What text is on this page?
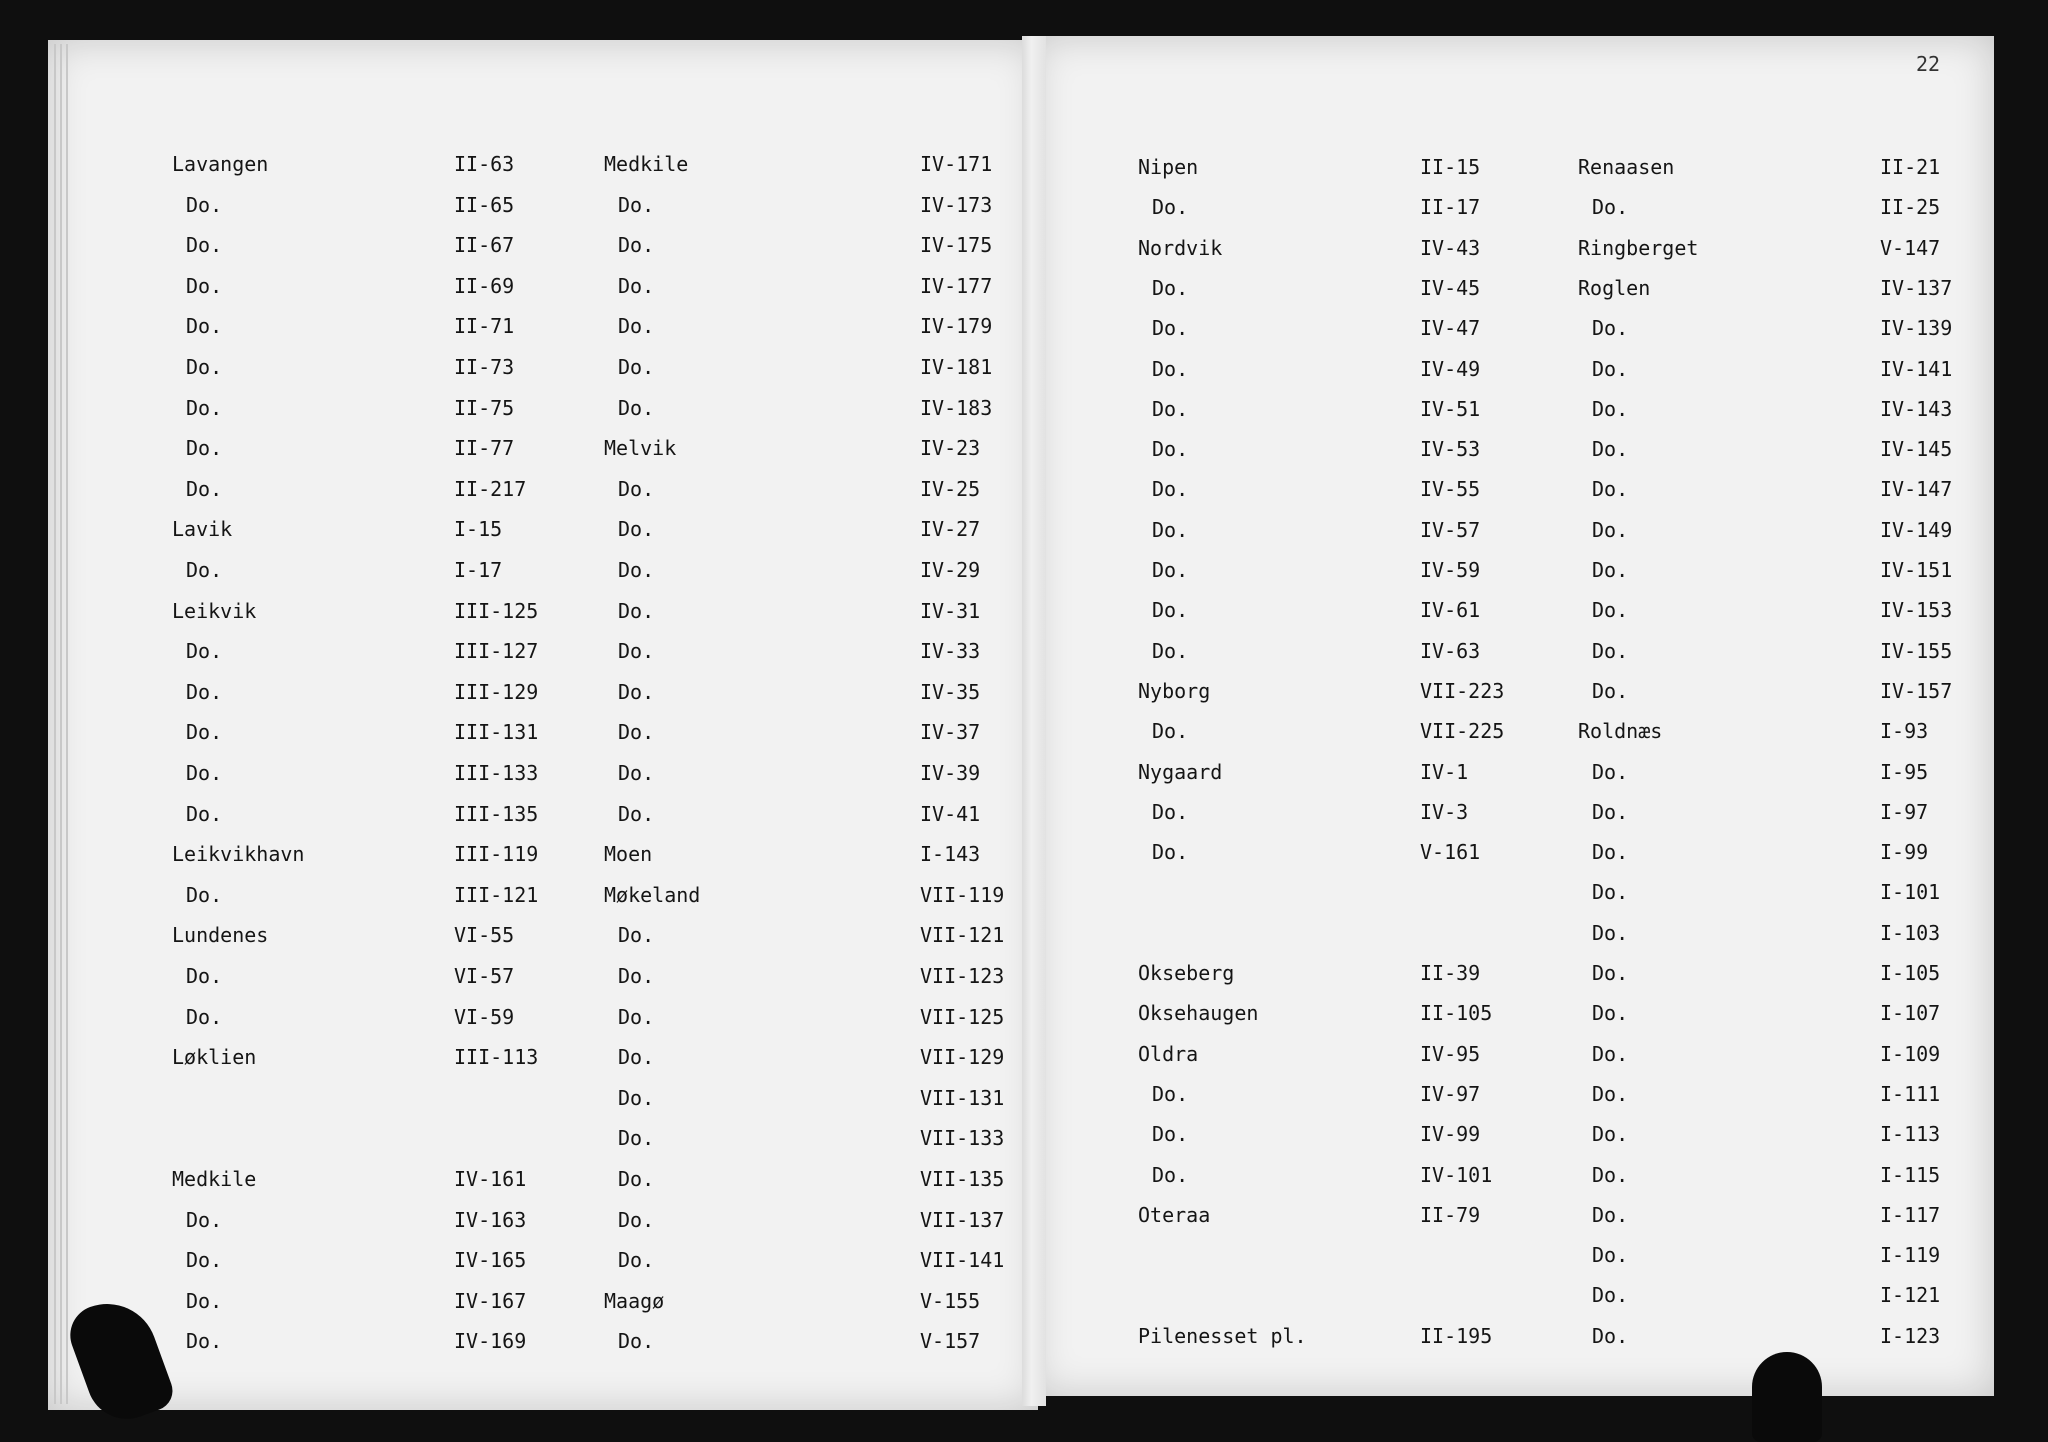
22
Lavangen	II-63
Do.	II-65
Do.	II-67
Do.	II-69
Do.	II-71
Do.	II-73
Do.	II-75
Do.	II-77
Do.	II-217
Lavik	I-15
Do.	I-17
Leikvik	III-125
Do.	III-127
Do.	III-129
Do.	III-131
Do.	III-133
Do.	III-135
Leikvikhavn	III-119
Do.	III-121
Lundenes	VI-55
Do.	VI-57
Do.	VI-59
Løklien	III-113
Medkile	IV-161
Do.	IV-163
Do.	IV-165
Do.	IV-167
Do.	IV-169
Medkile	IV-171
Do.	IV-173
Do.	IV-175
Do.	IV-177
Do.	IV-179
Do.	IV-181
Do.	IV-183
Melvik	IV-23
Do.	IV-25
Do.	IV-27
Do.	IV-29
Do.	IV-31
Do.	IV-33
Do.	IV-35
Do.	IV-37
Do.	IV-39
Do.	IV-41
Moen	I-143
Møkeland	VII-119
Do.	VII-121
Do.	VII-123
Do.	VII-125
Do.	VII-129
Do.	VII-131
Do.	VII-133
Do.	VII-135
Do.	VII-137
Do.	VII-141
Maagø	V-155
Do.	V-157
Nipen	II-15
Do.	II-17
Nordvik	IV-43
Do.	IV-45
Do.	IV-47
Do.	IV-49
Do.	IV-51
Do.	IV-53
Do.	IV-55
Do.	IV-57
Do.	IV-59
Do.	IV-61
Do.	IV-63
Nyborg	VII-223
Do.	VII-225
Nygaard	IV-1
Do.	IV-3
Do.	V-161
Okseberg	II-39
Oksehaugen	II-105
Oldra	IV-95
Do.	IV-97
Do.	IV-99
Do.	IV-101
Oteraa	II-79
Pilenesset pl.	II-195
Renaasen	II-21
Do.	II-25
Ringberget	V-147
Roglen	IV-137
Do.	IV-139
Do.	IV-141
Do.	IV-143
Do.	IV-145
Do.	IV-147
Do.	IV-149
Do.	IV-151
Do.	IV-153
Do.	IV-155
Do.	IV-157
Roldnæs	I-93
Do.	I-95
Do.	I-97
Do.	I-99
Do.	I-101
Do.	I-103
Do.	I-105
Do.	I-107
Do.	I-109
Do.	I-111
Do.	I-113
Do.	I-115
Do.	I-117
Do.	I-119
Do.	I-121
Do.	I-123
